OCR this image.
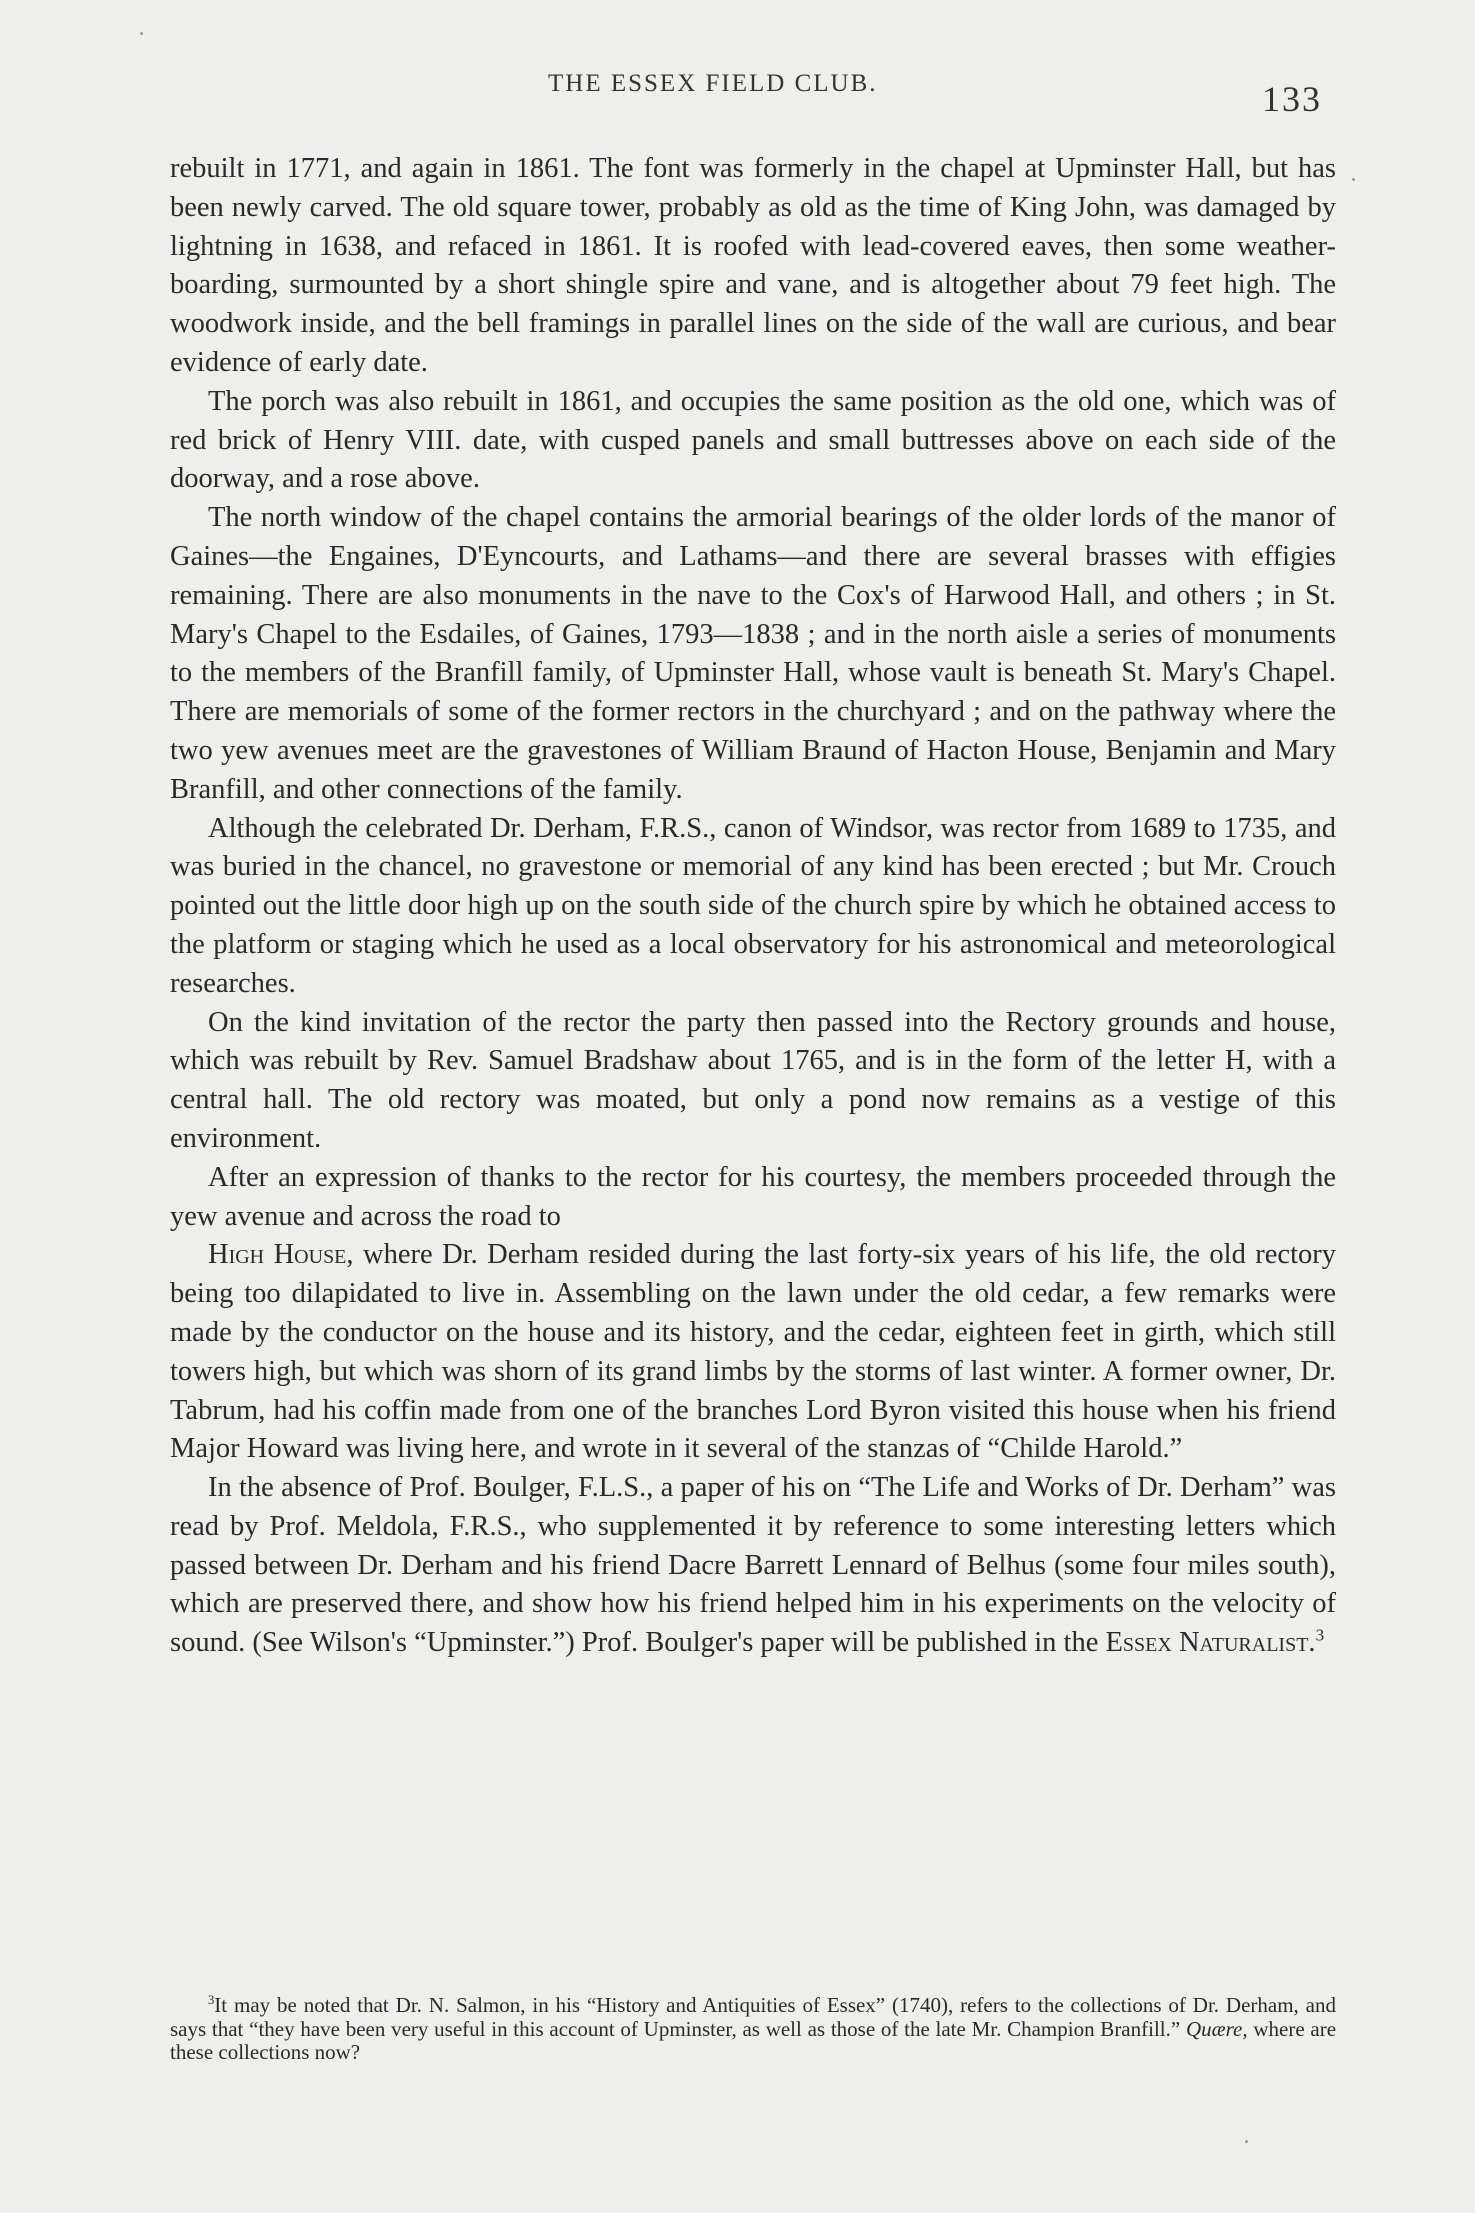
THE ESSEX FIELD CLUB.	133

rebuilt in 1771, and again in 1861. The font was formerly in the chapel at Upminster Hall, but has been newly carved. The old square tower, probably as old as the time of King John, was damaged by lightning in 1638, and refaced in 1861. It is roofed with lead-covered eaves, then some weather-boarding, surmounted by a short shingle spire and vane, and is altogether about 79 feet high. The woodwork inside, and the bell framings in parallel lines on the side of the wall are curious, and bear evidence of early date.

The porch was also rebuilt in 1861, and occupies the same position as the old one, which was of red brick of Henry VIII. date, with cusped panels and small buttresses above on each side of the doorway, and a rose above.

The north window of the chapel contains the armorial bearings of the older lords of the manor of Gaines—the Engaines, D'Eyncourts, and Lathams—and there are several brasses with effigies remaining. There are also monuments in the nave to the Cox's of Harwood Hall, and others ; in St. Mary's Chapel to the Esdailes, of Gaines, 1793—1838 ; and in the north aisle a series of monuments to the members of the Branfill family, of Upminster Hall, whose vault is beneath St. Mary's Chapel. There are memorials of some of the former rectors in the churchyard ; and on the pathway where the two yew avenues meet are the gravestones of William Braund of Hacton House, Benjamin and Mary Branfill, and other connections of the family.

Although the celebrated Dr. Derham, F.R.S., canon of Windsor, was rector from 1689 to 1735, and was buried in the chancel, no gravestone or memorial of any kind has been erected ; but Mr. Crouch pointed out the little door high up on the south side of the church spire by which he obtained access to the platform or staging which he used as a local observatory for his astronomical and meteorological researches.

On the kind invitation of the rector the party then passed into the Rectory grounds and house, which was rebuilt by Rev. Samuel Bradshaw about 1765, and is in the form of the letter H, with a central hall. The old rectory was moated, but only a pond now remains as a vestige of this environment.

After an expression of thanks to the rector for his courtesy, the members proceeded through the yew avenue and across the road to

High House, where Dr. Derham resided during the last forty-six years of his life, the old rectory being too dilapidated to live in. Assembling on the lawn under the old cedar, a few remarks were made by the conductor on the house and its history, and the cedar, eighteen feet in girth, which still towers high, but which was shorn of its grand limbs by the storms of last winter. A former owner, Dr. Tabrum, had his coffin made from one of the branches Lord Byron visited this house when his friend Major Howard was living here, and wrote in it several of the stanzas of “Childe Harold.”

In the absence of Prof. Boulger, F.L.S., a paper of his on “The Life and Works of Dr. Derham” was read by Prof. Meldola, F.R.S., who supplemented it by reference to some interesting letters which passed between Dr. Derham and his friend Dacre Barrett Lennard of Belhus (some four miles south), which are preserved there, and show how his friend helped him in his experiments on the velocity of sound. (See Wilson's “Upminster.”) Prof. Boulger's paper will be published in the Essex Naturalist.$^3$

$^3$It may be noted that Dr. N. Salmon, in his “History and Antiquities of Essex” (1740), refers to the collections of Dr. Derham, and says that “they have been very useful in this account of Upminster, as well as those of the late Mr. Champion Branfill.” Quære, where are these collections now?
